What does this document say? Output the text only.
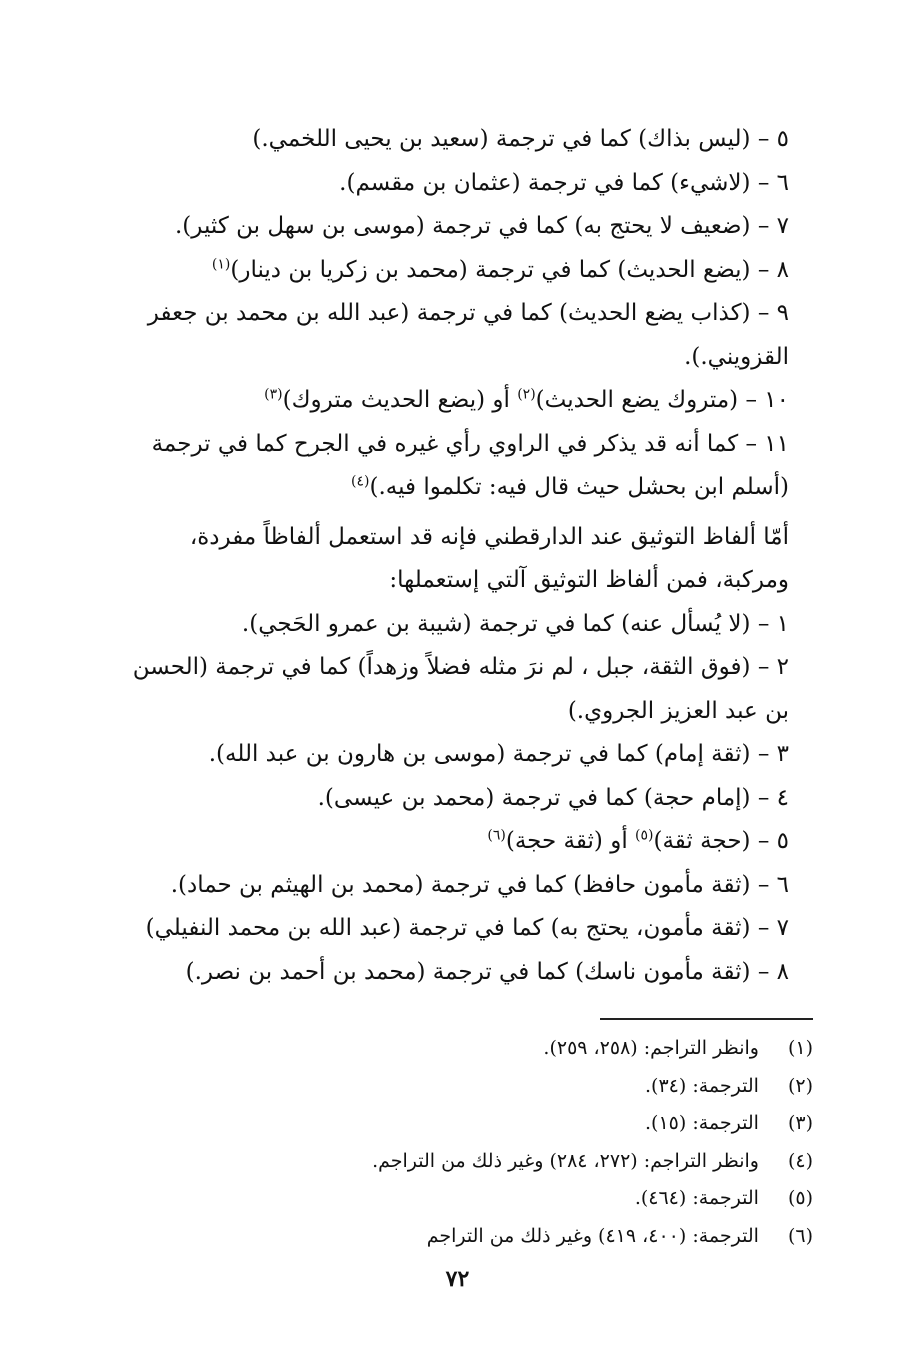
٥ – (ليس بذاك) كما في ترجمة (سعيد بن يحيى اللخمي.)

٦ – (لاشيء) كما في ترجمة (عثمان بن مقسم).

٧ – (ضعيف لا يحتج به) كما في ترجمة (موسى بن سهل بن كثير).

٨ – (يضع الحديث) كما في ترجمة (محمد بن زكريا بن دينار)$^{(١)}$

٩ – (كذاب يضع الحديث) كما في ترجمة (عبد الله بن محمد بن جعفر القزويني.).

١٠ – (متروك يضع الحديث)$^{(٢)}$ أو (يضع الحديث متروك)$^{(٣)}$

١١ – كما أنه قد يذكر في الراوي رأي غيره في الجرح كما في ترجمة (أسلم ابن بحشل حيث قال فيه: تكلموا فيه.)$^{(٤)}$

أمّا ألفاظ التوثيق عند الدارقطني فإنه قد استعمل ألفاظاً مفردة، ومركبة، فمن ألفاظ التوثيق آلتي إستعملها:

١ – (لا يُسأل عنه) كما في ترجمة (شيبة بن عمرو الحَجي).

٢ – (فوق الثقة، جبل ، لم نرَ مثله فضلاً وزهداً) كما في ترجمة (الحسن بن عبد العزيز الجروي.)

٣ – (ثقة إمام) كما في ترجمة (موسى بن هارون بن عبد الله).

٤ – (إمام حجة) كما في ترجمة (محمد بن عيسى).

٥ – (حجة ثقة)$^{(٥)}$ أو (ثقة حجة)$^{(٦)}$

٦ – (ثقة مأمون حافظ) كما في ترجمة (محمد بن الهيثم بن حماد).

٧ – (ثقة مأمون، يحتج به) كما في ترجمة (عبد الله بن محمد النفيلي)

٨ – (ثقة مأمون ناسك) كما في ترجمة (محمد بن أحمد بن نصر.)

(١) وانظر التراجم: (٢٥٨، ٢٥٩).

(٢) الترجمة: (٣٤).

(٣) الترجمة: (١٥).

(٤) وانظر التراجم: (٢٧٢، ٢٨٤) وغير ذلك من التراجم.

(٥) الترجمة: (٤٦٤).

(٦) الترجمة: (٤٠٠، ٤١٩) وغير ذلك من التراجم

٧٢
